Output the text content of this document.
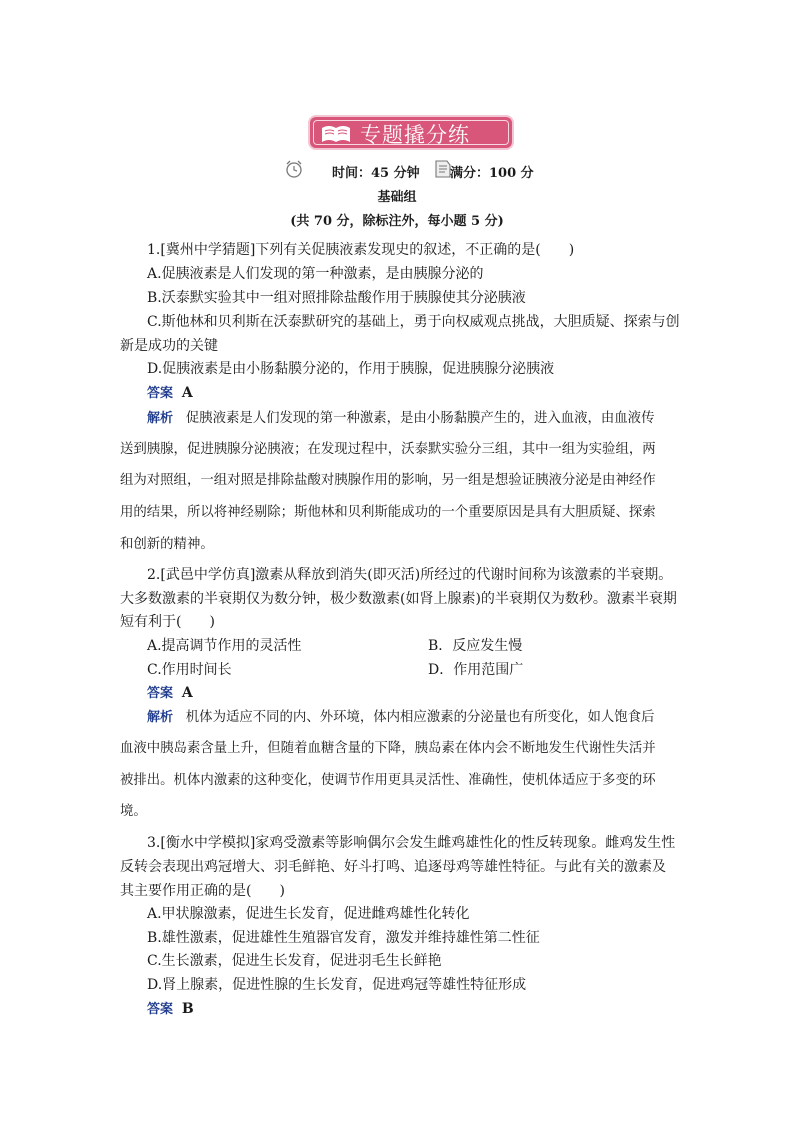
专题撬分练
时间：45 分钟 满分：100 分
基础组
(共 70 分，除标注外，每小题 5 分)
1.[冀州中学猜题]下列有关促胰液素发现史的叙述，不正确的是(　　)
A.促胰液素是人们发现的第一种激素，是由胰腺分泌的
B.沃泰默实验其中一组对照排除盐酸作用于胰腺使其分泌胰液
C.斯他林和贝利斯在沃泰默研究的基础上，勇于向权威观点挑战，大胆质疑、探索与创
新是成功的关键
D.促胰液素是由小肠黏膜分泌的，作用于胰腺，促进胰腺分泌胰液
答案 A
解析 促胰液素是人们发现的第一种激素，是由小肠黏膜产生的，进入血液，由血液传
送到胰腺，促进胰腺分泌胰液；在发现过程中，沃泰默实验分三组，其中一组为实验组，两
组为对照组，一组对照是排除盐酸对胰腺作用的影响，另一组是想验证胰液分泌是由神经作
用的结果，所以将神经剔除；斯他林和贝利斯能成功的一个重要原因是具有大胆质疑、探索
和创新的精神。
2.[武邑中学仿真]激素从释放到消失(即灭活)所经过的代谢时间称为该激素的半衰期。
大多数激素的半衰期仅为数分钟，极少数激素(如肾上腺素)的半衰期仅为数秒。激素半衰期
短有利于(　　)
A.提高调节作用的灵活性	B．反应发生慢
C.作用时间长	D．作用范围广
答案 A
解析 机体为适应不同的内、外环境，体内相应激素的分泌量也有所变化，如人饱食后
血液中胰岛素含量上升，但随着血糖含量的下降，胰岛素在体内会不断地发生代谢性失活并
被排出。机体内激素的这种变化，使调节作用更具灵活性、准确性，使机体适应于多变的环
境。
3.[衡水中学模拟]家鸡受激素等影响偶尔会发生雌鸡雄性化的性反转现象。雌鸡发生性
反转会表现出鸡冠增大、羽毛鲜艳、好斗打鸣、追逐母鸡等雄性特征。与此有关的激素及
其主要作用正确的是(　　)
A.甲状腺激素，促进生长发育，促进雌鸡雄性化转化
B.雄性激素，促进雄性生殖器官发育，激发并维持雄性第二性征
C.生长激素，促进生长发育，促进羽毛生长鲜艳
D.肾上腺素，促进性腺的生长发育，促进鸡冠等雄性特征形成
答案 B
